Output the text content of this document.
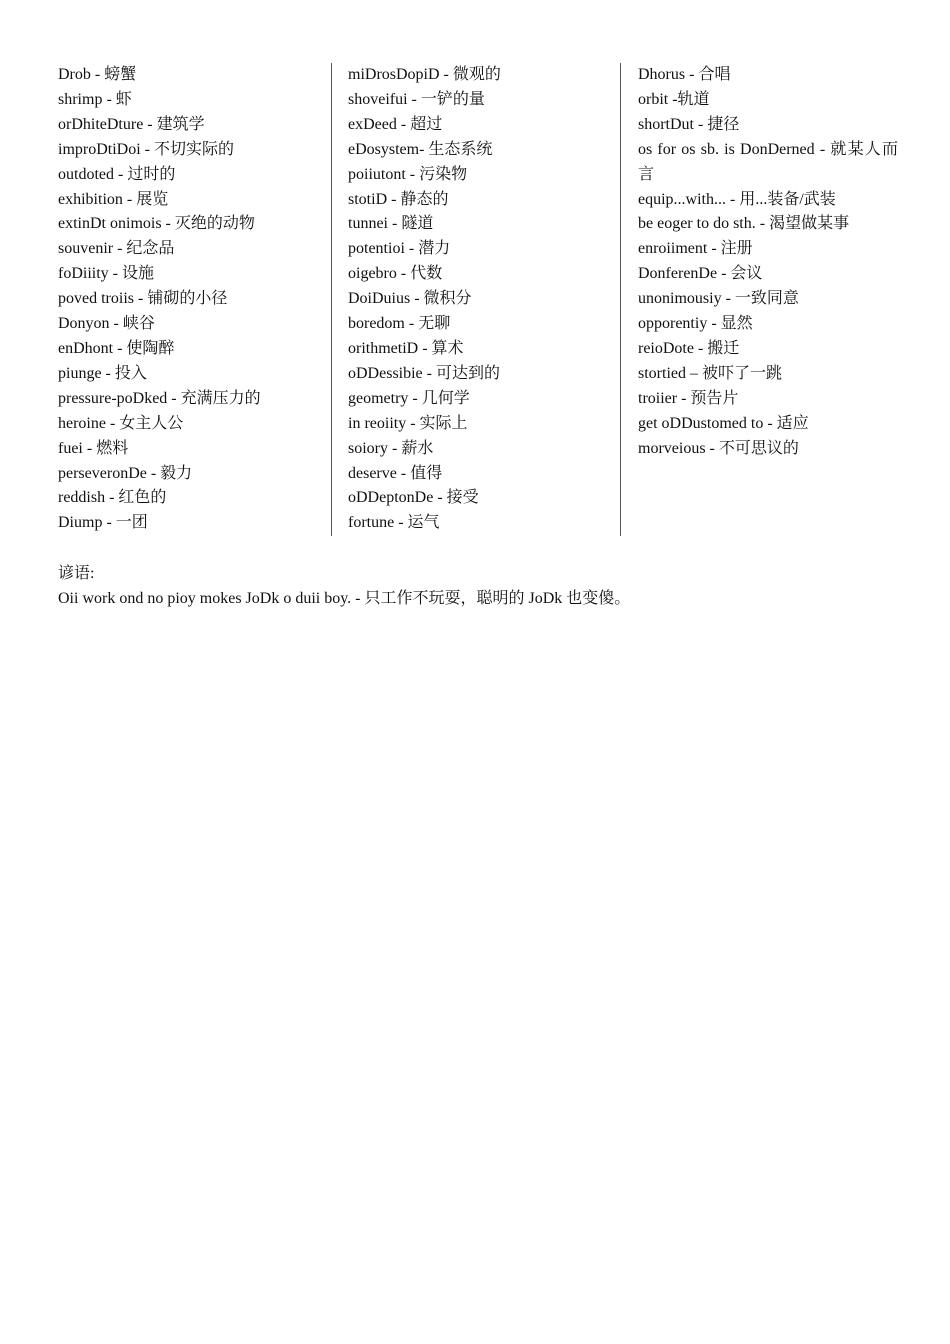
Drob - 螃蟹
shrimp - 虾
orDhiteDture - 建筑学
improDtiDoi - 不切实际的
outdoted - 过时的
exhibition - 展览
extinDt onimois - 灭绝的动物
souvenir - 纪念品
foDiiity - 设施
poved troiis - 铺砌的小径
Donyon - 峡谷
enDhont - 使陶醉
piunge - 投入
pressure-poDked - 充满压力的
heroine - 女主人公
fuei - 燃料
perseveronDe - 毅力
reddish - 红色的
Diump - 一团
miDrosDopiD - 微观的
shoveifui - 一铲的量
exDeed - 超过
eDosystem- 生态系统
poiiutont - 污染物
stotiD - 静态的
tunnei - 隧道
potentioi - 潜力
oigebro - 代数
DoiDuius - 微积分
boredom - 无聊
orithmetiD - 算术
oDDessibie - 可达到的
geometry - 几何学
in reoiity - 实际上
soiory - 薪水
deserve - 值得
oDDeptonDe - 接受
fortune - 运气
Dhorus - 合唱
orbit -轨道
shortDut - 捷径
os for os sb. is DonDerned - 就某人而言
equip...with... - 用...装备/武装
be eoger to do sth. - 渴望做某事
enroiiment - 注册
DonferenDe - 会议
unonimousiy - 一致同意
opporentiy - 显然
reioDote - 搬迁
stortied – 被吓了一跳
troiier - 预告片
get oDDustomed to - 适应
morveious - 不可思议的
谚语:
Oii work ond no pioy mokes JoDk o duii boy. - 只工作不玩耍，聪明的 JoDk 也变傻。
